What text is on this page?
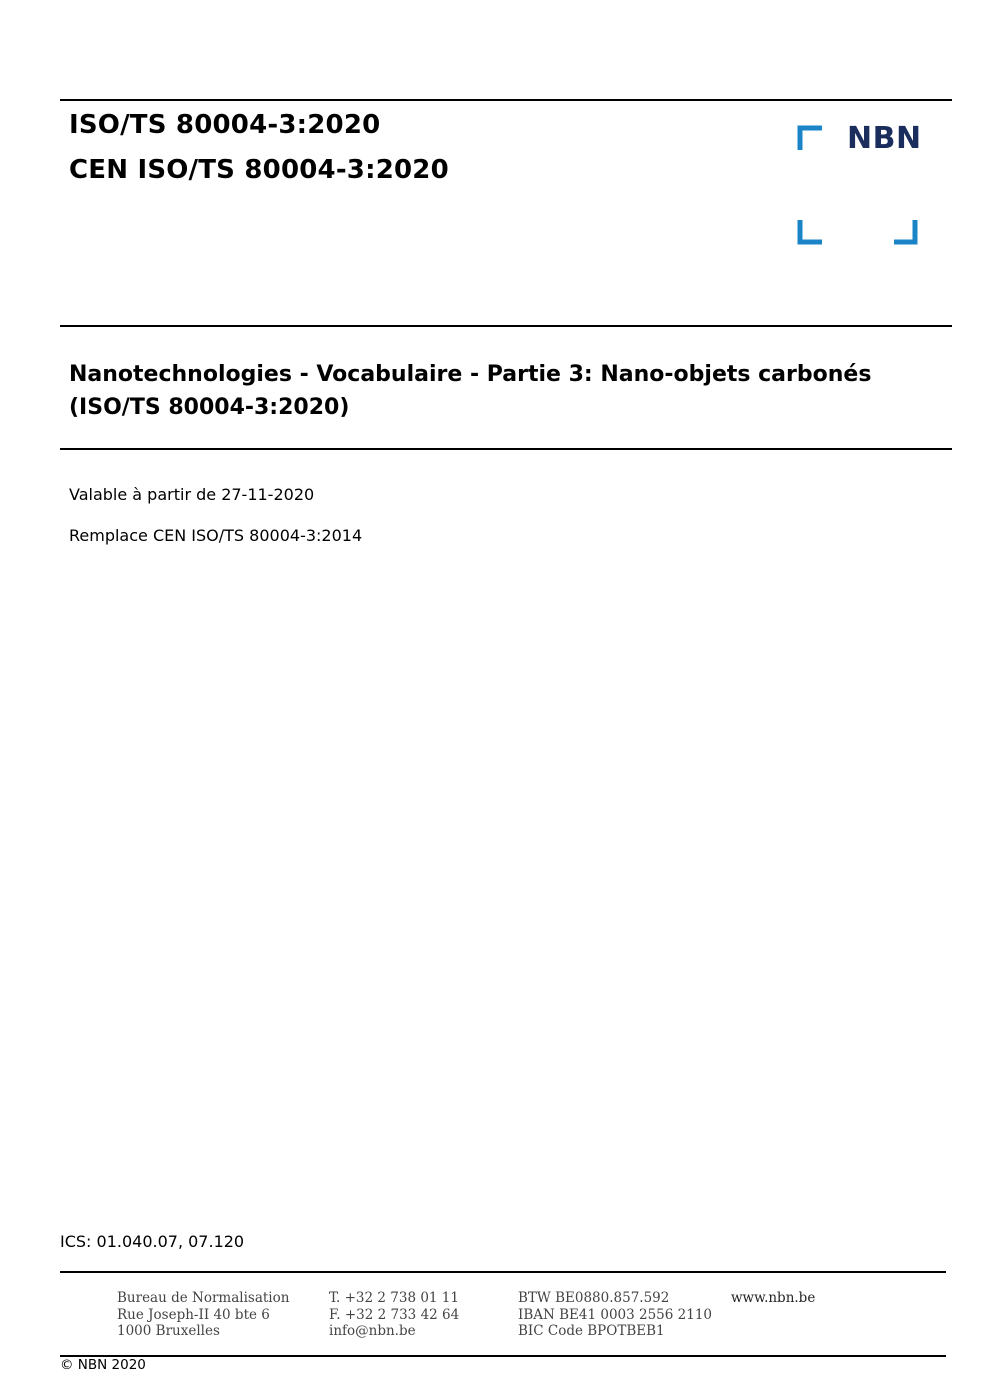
ISO/TS 80004-3:2020
CEN ISO/TS 80004-3:2020
NBN
Nanotechnologies - Vocabulaire - Partie 3: Nano-objets carbonés
(ISO/TS 80004-3:2020)
Valable à partir de 27-11-2020
Remplace CEN ISO/TS 80004-3:2014
ICS: 01.040.07, 07.120
Bureau de Normalisation
Rue Joseph-II 40 bte 6
1000 Bruxelles
T. +32 2 738 01 11
F. +32 2 733 42 64
info@nbn.be
BTW BE0880.857.592
IBAN BE41 0003 2556 2110
BIC Code BPOTBEB1
www.nbn.be
© NBN 2020
